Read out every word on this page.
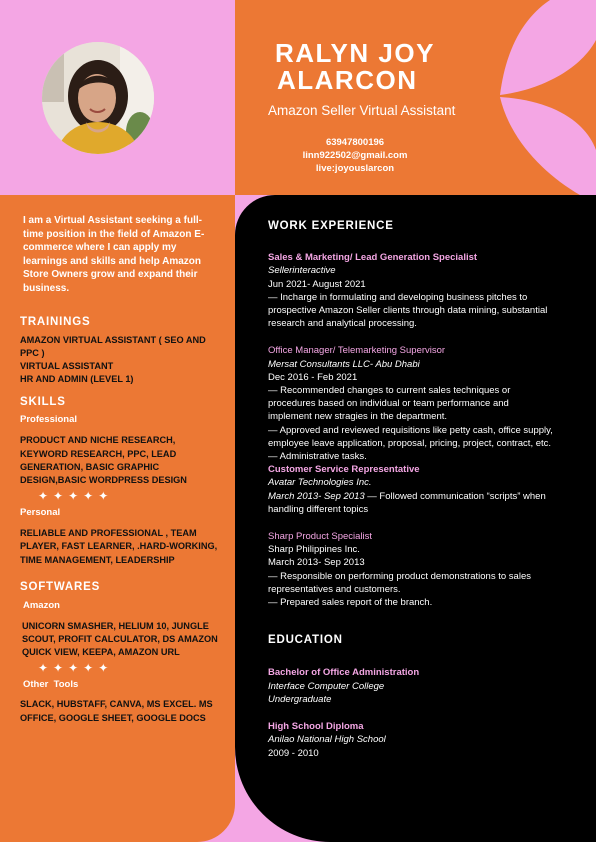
RALYN JOY
ALARCON
Amazon Seller Virtual Assistant
63947800196
linn922502@gmail.com
live:joyouslarcon
I am a Virtual Assistant seeking a full-time position in the field of Amazon E-commerce where I can apply my learnings and skills and help Amazon Store Owners grow and expand their business.
TRAININGS
AMAZON VIRTUAL ASSISTANT ( SEO AND PPC )
VIRTUAL ASSISTANT
HR AND ADMIN (LEVEL 1)
SKILLS
Professional
PRODUCT AND NICHE RESEARCH, KEYWORD RESEARCH, PPC, LEAD GENERATION, BASIC GRAPHIC DESIGN,BASIC WORDPRESS DESIGN
✦✦✦✦✦
Personal
RELIABLE AND PROFESSIONAL , TEAM PLAYER, FAST LEARNER, .HARD-WORKING, TIME MANAGEMENT, LEADERSHIP
SOFTWARES
Amazon
UNICORN SMASHER, HELIUM 10, JUNGLE SCOUT, PROFIT CALCULATOR, DS AMAZON QUICK VIEW, KEEPA, AMAZON URL
✦✦✦✦✦
Other  Tools
SLACK, HUBSTAFF, CANVA, MS EXCEL. MS OFFICE, GOOGLE SHEET, GOOGLE DOCS
WORK EXPERIENCE
Sales & Marketing/ Lead Generation Specialist
Sellerinteractive
Jun 2021- August 2021
— Incharge in formulating and developing business pitches to prospective Amazon Seller clients through data mining, substantial research and analytical processing.
Office Manager/ Telemarketing Supervisor
Mersat Consultants LLC- Abu Dhabi
Dec 2016 - Feb 2021
— Recommended changes to current sales techniques or procedures based on individual or team performance and implement new stragies in the department.
— Approved and reviewed requisitions like petty cash, office supply, employee leave application, proposal, pricing, project, contract, etc.
— Administrative tasks.
Customer Service Representative
Avatar Technologies Inc.
March 2013- Sep 2013 — Followed communication “scripts” when handling different topics
Sharp Product Specialist
Sharp Philippines Inc.
March 2013- Sep 2013
— Responsible on performing product demonstrations to sales representatives and customers.
— Prepared sales report of the branch.
EDUCATION
Bachelor of Office Administration
Interface Computer College
Undergraduate
High School Diploma
Anilao National High School
2009 - 2010
